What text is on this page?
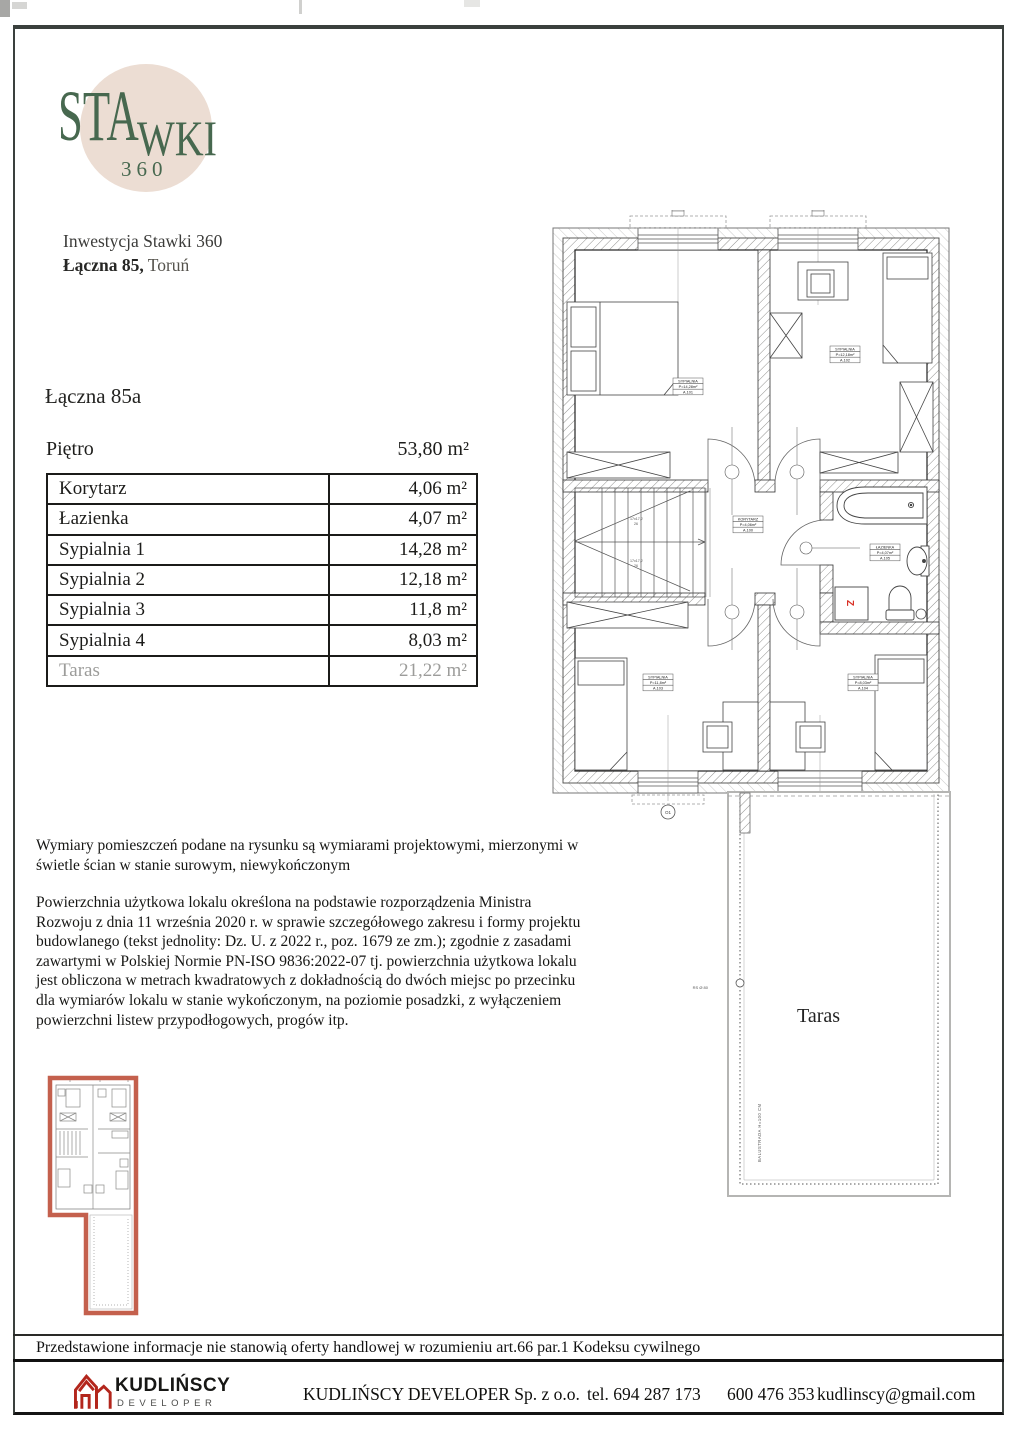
STA
WKI
360
Inwestycja Stawki 360
Łączna 85, Toruń
Łączna 85a
Piętro	53,80 m²
Korytarz	4,06 m²
Łazienka	4,07 m²
Sypialnia 1	14,28 m²
Sypialnia 2	12,18 m²
Sypialnia 3	11,8 m²
Sypialnia 4	8,03 m²
Taras	21,22 m²
Wymiary pomieszczeń podane na rysunku są wymiarami projektowymi, mierzonymi w świetle ścian w stanie surowym, niewykończonym
Powierzchnia użytkowa lokalu określona na podstawie rozporządzenia Ministra Rozwoju z dnia 11 września 2020 r. w sprawie szczegółowego zakresu i formy projektu budowlanego (tekst jednolity: Dz. U. z 2022 r., poz. 1679 ze zm.); zgodnie z zasadami zawartymi w Polskiej Normie PN-ISO 9836:2022-07 tj. powierzchnia użytkowa lokalu jest obliczona w metrach kwadratowych z dokładnością do dwóch miejsc po przecinku dla wymiarów lokalu w stanie wykończonym, na poziomie posadzki, z wyłączeniem powierzchni listew przypodłogowych, progów itp.
O1
17x17,2
26
17x17,2
26
Z
SYPIALNIA
P=14,28m²
A.101
SYPIALNIA
P=12,18m²
A.102
KORYTARZ
P=4,06m²
A.100
ŁAZIENKA
P=4,07m²
A.105
SYPIALNIA
P=11,8m²
A.103
SYPIALNIA
P=8,03m²
A.104
RS Ø 80
BALUSTRADA H=100 CM
Taras
Przedstawione informacje nie stanowią oferty handlowej w rozumieniu art.66 par.1 Kodeksu cywilnego
KUDLIŃSCY
DEVELOPER	KUDLIŃSCY DEVELOPER Sp. z o.o. tel. 694 287 173 600 476 353 kudlinscy@gmail.com
